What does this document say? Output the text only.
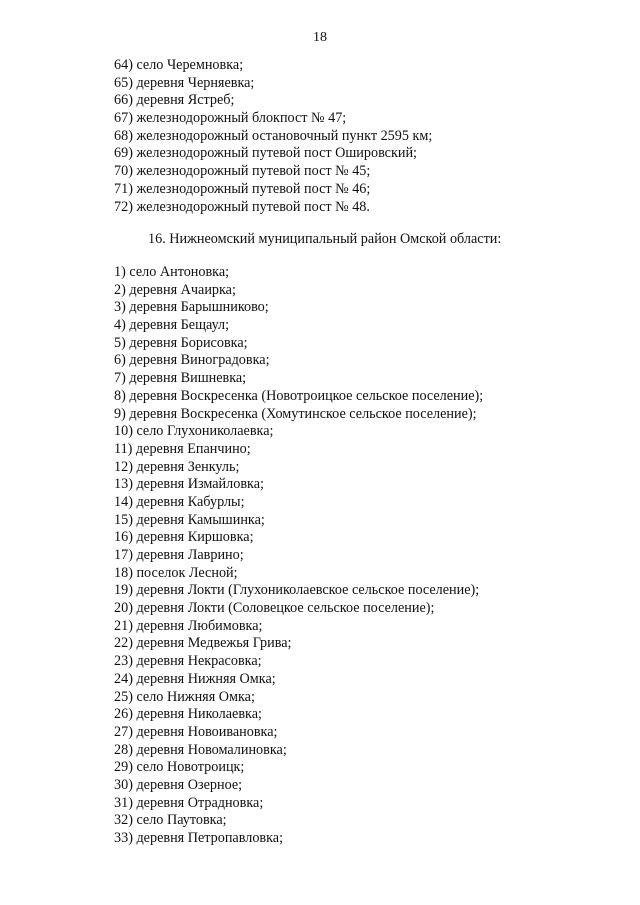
18
64) село Черемновка;
65) деревня Черняевка;
66) деревня Ястреб;
67) железнодорожный блокпост № 47;
68) железнодорожный остановочный пункт 2595 км;
69) железнодорожный путевой пост Ошировский;
70) железнодорожный путевой пост № 45;
71) железнодорожный путевой пост № 46;
72) железнодорожный путевой пост № 48.
16. Нижнеомский муниципальный район Омской области:
1) село Антоновка;
2) деревня Ачаирка;
3) деревня Барышниково;
4) деревня Бещаул;
5) деревня Борисовка;
6) деревня Виноградовка;
7) деревня Вишневка;
8) деревня Воскресенка (Новотроицкое сельское поселение);
9) деревня Воскресенка (Хомутинское сельское поселение);
10) село Глухониколаевка;
11) деревня Епанчино;
12) деревня Зенкуль;
13) деревня Измайловка;
14) деревня Кабурлы;
15) деревня Камышинка;
16) деревня Киршовка;
17) деревня Лаврино;
18) поселок Лесной;
19) деревня Локти (Глухониколаевское сельское поселение);
20) деревня Локти (Соловецкое сельское поселение);
21) деревня Любимовка;
22) деревня Медвежья Грива;
23) деревня Некрасовка;
24) деревня Нижняя Омка;
25) село Нижняя Омка;
26) деревня Николаевка;
27) деревня Новоивановка;
28) деревня Новомалиновка;
29) село Новотроицк;
30) деревня Озерное;
31) деревня Отрадновка;
32) село Паутовка;
33) деревня Петропавловка;
